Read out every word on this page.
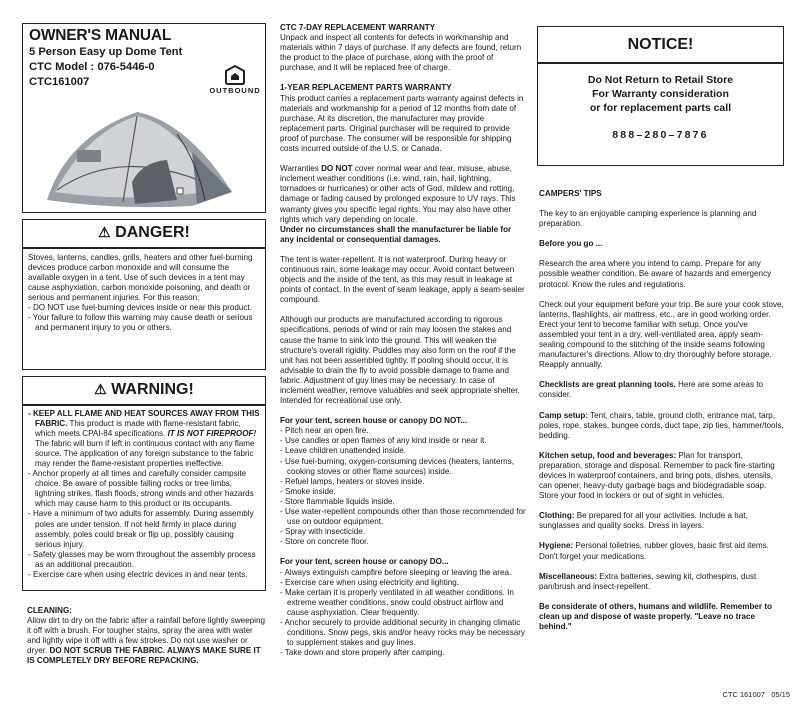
OWNER'S MANUAL
5 Person Easy up Dome Tent
CTC Model : 076-5446-0
CTC161007
OUTBOUND
⚠ DANGER!

Stoves, lanterns, candles, grills, heaters and other fuel-burning devices produce carbon monoxide and will consume the available oxygen in a tent. Use of such devices in a tent may cause asphyxiation, carbon monoxide poisoning, and death or serious and permanent injuries. For this reason:

- DO NOT use fuel-burning devices inside or near this product.
- Your failure to follow this warning may cause death or serious and permanent injury to you or others.
⚠ WARNING!
- KEEP ALL FLAME AND HEAT SOURCES AWAY FROM THIS FABRIC. This product is made with flame-resistant fabric, which meets CPAI-84 specifications. IT IS NOT FIREPROOF! The fabric will burn if left in continuous contact with any flame source. The application of any foreign substance to the fabric may render the flame-resistant properties ineffective.
- Anchor properly at all times and carefully consider campsite choice. Be aware of possible falling rocks or tree limbs, lightning strikes, flash floods, strong winds and other hazards which may cause harm to this product or its occupants.
- Have a minimum of two adults for assembly. During assembly poles are under tension. If not held firmly in place during assembly, poles could break or flip up, possibly causing serious injury.
- Safety glasses may be worn throughout the assembly process as an additional precaution.
- Exercise care when using electric devices in and near tents.

CLEANING:

Allow dirt to dry on the fabric after a rainfall before lightly sweeping it off with a brush. For tougher stains, spray the area with water and lightly wipe it off with a few strokes. Do not use washer or dryer. DO NOT SCRUB THE FABRIC. ALWAYS MAKE SURE IT IS COMPLETELY DRY BEFORE REPACKING.

CTC 7-DAY REPLACEMENT WARRANTY

Unpack and inspect all contents for defects in workmanship and materials within 7 days of purchase. If any defects are found, return the product to the place of purchase, along with the proof of purchase, and it will be replaced free of charge.

1-YEAR REPLACEMENT PARTS WARRANTY

This product carries a replacement parts warranty against defects in materials and workmanship for a period of 12 months from date of purchase. At its discretion, the manufacturer may provide replacement parts. Original purchaser will be required to provide proof of purchase. The consumer will be responsible for shipping costs incurred outside of the U.S. or Canada.

Warranties DO NOT cover normal wear and tear, misuse, abuse, inclement weather conditions (i.e. wind, rain, hail, lightning, tornadoes or hurricanes) or other acts of God, mildew and rotting, damage or fading caused by prolonged exposure to UV rays. This warranty gives you specific legal rights. You may also have other rights which vary depending on locale.

Under no circumstances shall the manufacturer be liable for any incidental or consequential damages.

The tent is water-repellent. It is not waterproof. During heavy or continuous rain, some leakage may occur. Avoid contact between objects and the inside of the tent, as this may result in leakage at points of contact. In the event of seam leakage, apply a seam-sealer compound.

Although our products are manufactured according to rigorous specifications, periods of wind or rain may loosen the stakes and cause the frame to sink into the ground. This will weaken the structure's overall rigidity. Puddles may also form on the roof if the unit has not been assembled tightly. If pooling should occur, it is advisable to drain the fly to avoid possible damage to frame and fabric. Adjustment of guy lines may be necessary. In case of inclement weather, remove valuables and seek appropriate shelter. Intended for recreational use only.

For your tent, screen house or canopy DO NOT...

- Pitch near an open fire.
- Use candles or open flames of any kind inside or near it.
- Leave children unattended inside.
- Use fuel-burning, oxygen-consuming devices (heaters, lanterns, cooking stoves or other flame sources) inside.
- Refuel lamps, heaters or stoves inside.
- Smoke inside.
- Store flammable liquids inside.
- Use water-repellent compounds other than those recommended for use on outdoor equipment.
- Spray with insecticide.
- Store on concrete floor.

For your tent, screen house or canopy DO...

- Always extinguish campfire before sleeping or leaving the area.
- Exercise care when using electricity and lighting.
- Make certain it is properly ventilated in all weather conditions. In extreme weather conditions, snow could obstruct airflow and cause asphyxiation. Clear frequently.
- Anchor securely to provide additional security in changing climatic conditions. Snow pegs, skis and/or heavy rocks may be necessary to supplement stakes and guy lines.
- Take down and store properly after camping.
NOTICE!
Do Not Return to Retail Store
For Warranty consideration
or for replacement parts call
888–280–7876

CAMPERS' TIPS

The key to an enjoyable camping experience is planning and preparation.

Before you go ...

Research the area where you intend to camp. Prepare for any possible weather condition. Be aware of hazards and emergency protocol. Know the rules and regulations.

Check out your equipment before your trip. Be sure your cook stove, lanterns, flashlights, air mattress, etc., are in good working order. Erect your tent to become familiar with setup. Once you've assembled your tent in a dry, well-ventilated area, apply seam-sealing compound to the stitching of the inside seams following manufacturer's directions. Allow to dry thoroughly before storage. Reapply annually.

Checklists are great planning tools. Here are some areas to consider.

Camp setup: Tent, chairs, table, ground cloth, entrance mat, tarp, poles, rope, stakes, bungee cords, duct tape, zip ties, hammer/tools, bedding.

Kitchen setup, food and beverages: Plan for transport, preparation, storage and disposal. Remember to pack fire-starting devices in waterproof containers, and bring pots, dishes, utensils, can opener, heavy-duty garbage bags and biodegradable soap. Store your food in lockers or out of sight in vehicles.

Clothing: Be prepared for all your activities. Include a hat, sunglasses and quality socks. Dress in layers.

Hygiene: Personal toiletries, rubber gloves, basic first aid items. Don't forget your medications.

Miscellaneous: Extra batteries, sewing kit, clothespins, dust pan/brush and insect-repellent.

Be considerate of others, humans and wildlife. Remember to clean up and dispose of waste properly. "Leave no trace behind."

CTC 161007   05/15
